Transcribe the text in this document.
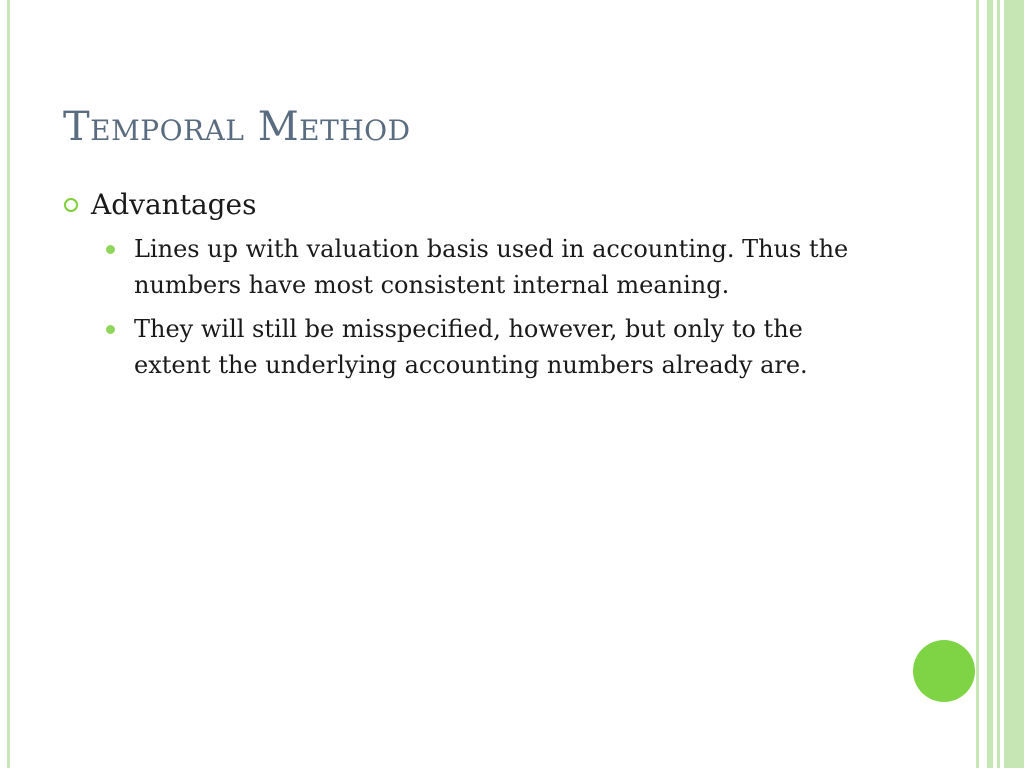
Temporal Method
Advantages
Lines up with valuation basis used in accounting. Thus the numbers have most consistent internal meaning.
They will still be misspecified, however, but only to the extent the underlying accounting numbers already are.
